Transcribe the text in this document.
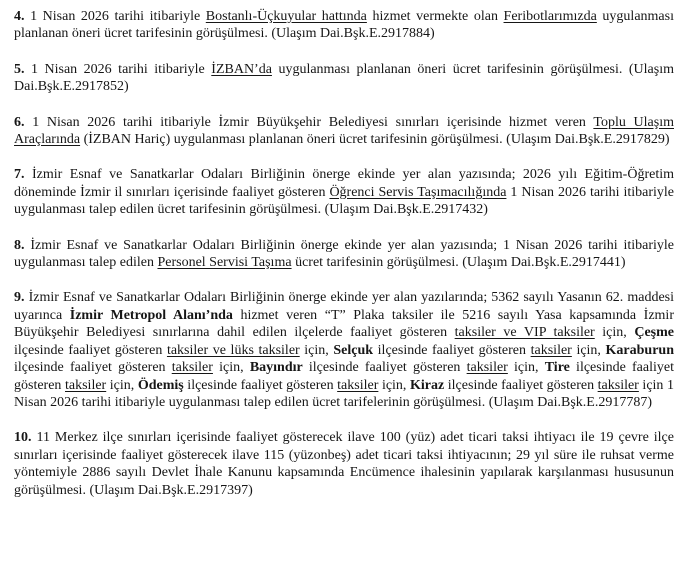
4. 1 Nisan 2026 tarihi itibariyle Bostanlı-Üçkuyular hattında hizmet vermekte olan Feribotlarımızda uygulanması planlanan öneri ücret tarifesinin görüşülmesi. (Ulaşım Dai.Bşk.E.2917884)

5. 1 Nisan 2026 tarihi itibariyle İZBAN’da uygulanması planlanan öneri ücret tarifesinin görüşülmesi. (Ulaşım Dai.Bşk.E.2917852)

6. 1 Nisan 2026 tarihi itibariyle İzmir Büyükşehir Belediyesi sınırları içerisinde hizmet veren Toplu Ulaşım Araçlarında (İZBAN Hariç) uygulanması planlanan öneri ücret tarifesinin görüşülmesi. (Ulaşım Dai.Bşk.E.2917829)

7. İzmir Esnaf ve Sanatkarlar Odaları Birliğinin önerge ekinde yer alan yazısında; 2026 yılı Eğitim-Öğretim döneminde İzmir il sınırları içerisinde faaliyet gösteren Öğrenci Servis Taşımacılığında 1 Nisan 2026 tarihi itibariyle uygulanması talep edilen ücret tarifesinin görüşülmesi. (Ulaşım Dai.Bşk.E.2917432)

8. İzmir Esnaf ve Sanatkarlar Odaları Birliğinin önerge ekinde yer alan yazısında; 1 Nisan 2026 tarihi itibariyle uygulanması talep edilen Personel Servisi Taşıma ücret tarifesinin görüşülmesi. (Ulaşım Dai.Bşk.E.2917441)

9. İzmir Esnaf ve Sanatkarlar Odaları Birliğinin önerge ekinde yer alan yazılarında; 5362 sayılı Yasanın 62. maddesi uyarınca İzmir Metropol Alanı’nda hizmet veren “T” Plaka taksiler ile 5216 sayılı Yasa kapsamında İzmir Büyükşehir Belediyesi sınırlarına dahil edilen ilçelerde faaliyet gösteren taksiler ve VIP taksiler için, Çeşme ilçesinde faaliyet gösteren taksiler ve lüks taksiler için, Selçuk ilçesinde faaliyet gösteren taksiler için, Karaburun ilçesinde faaliyet gösteren taksiler için, Bayındır ilçesinde faaliyet gösteren taksiler için, Tire ilçesinde faaliyet gösteren taksiler için, Ödemiş ilçesinde faaliyet gösteren taksiler için, Kiraz ilçesinde faaliyet gösteren taksiler için 1 Nisan 2026 tarihi itibariyle uygulanması talep edilen ücret tarifelerinin görüşülmesi. (Ulaşım Dai.Bşk.E.2917787)

10. 11 Merkez ilçe sınırları içerisinde faaliyet gösterecek ilave 100 (yüz) adet ticari taksi ihtiyacı ile 19 çevre ilçe sınırları içerisinde faaliyet gösterecek ilave 115 (yüzonbeş) adet ticari taksi ihtiyacının; 29 yıl süre ile ruhsat verme yöntemiyle 2886 sayılı Devlet İhale Kanunu kapsamında Encümence ihalesinin yapılarak karşılanması hususunun görüşülmesi. (Ulaşım Dai.Bşk.E.2917397)
